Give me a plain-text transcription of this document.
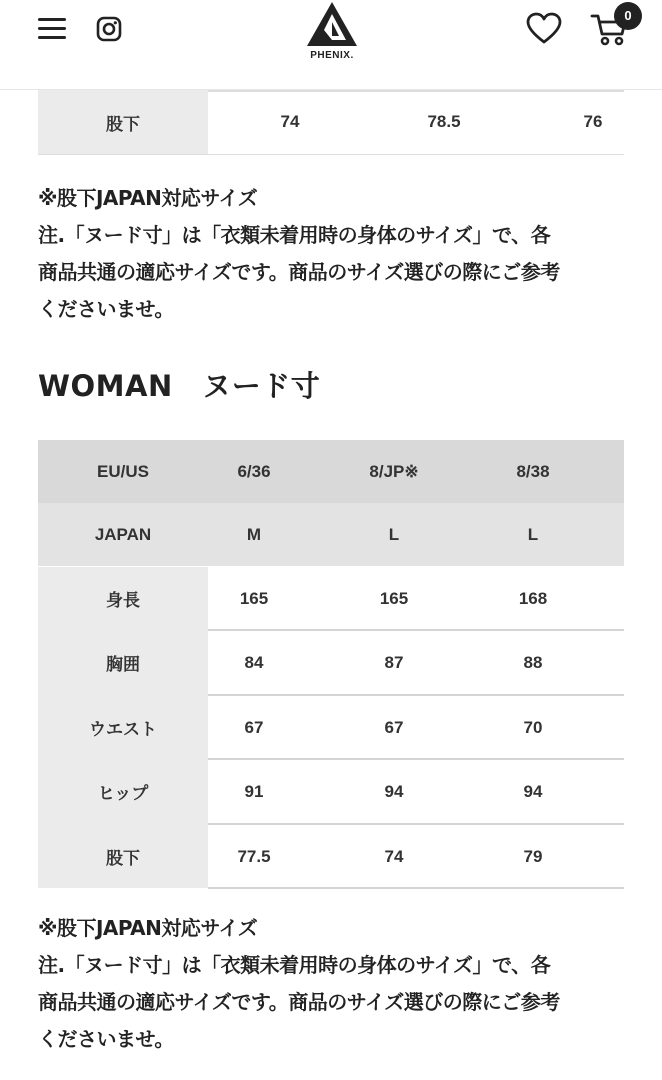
PHENIX.
0
股下	74	78.5	76
※股下JAPAN対応サイズ
注.「ヌード寸」は「衣類未着用時の身体のサイズ」で、各
商品共通の適応サイズです。商品のサイズ選びの際にご参考
くださいませ。
WOMAN　ヌード寸
EU/US	6/36	8/JP※	8/38
JAPAN	M	L	L
身長	165	165	168
胸囲	84	87	88
ウエスト	67	67	70
ヒップ	91	94	94
股下	77.5	74	79
※股下JAPAN対応サイズ
注.「ヌード寸」は「衣類未着用時の身体のサイズ」で、各
商品共通の適応サイズです。商品のサイズ選びの際にご参考
くださいませ。
